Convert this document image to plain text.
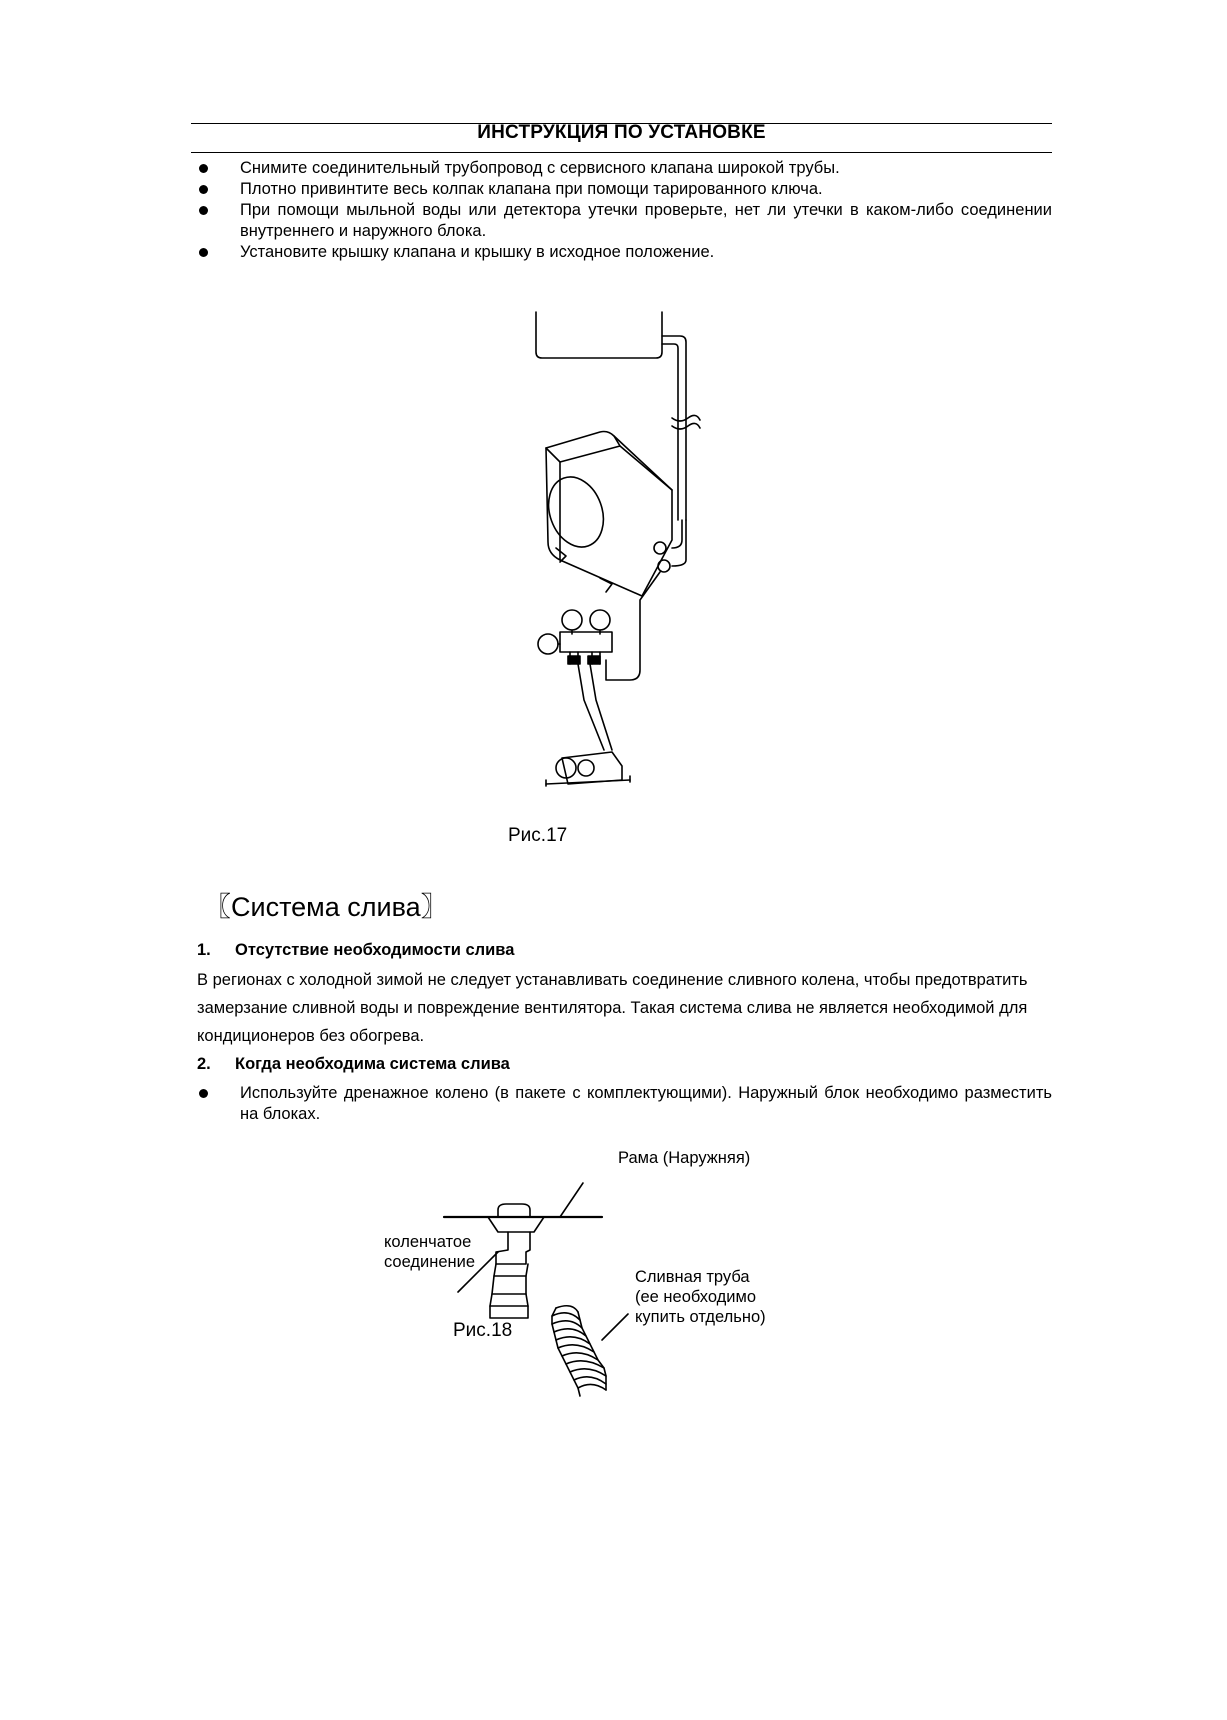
ИНСТРУКЦИЯ ПО УСТАНОВКЕ
Снимите соединительный трубопровод с сервисного клапана широкой трубы.
Плотно привинтите весь колпак клапана при помощи тарированного ключа.
При помощи мыльной воды или детектора утечки проверьте, нет ли утечки в каком-либо соединении внутреннего и наружного блока.
Установите крышку клапана и крышку в исходное положение.
Рис.17
〖Система слива〗
1. Отсутствие необходимости слива
В регионах с холодной зимой не следует устанавливать соединение сливного колена, чтобы предотвратить замерзание сливной воды и повреждение вентилятора. Такая система слива не является необходимой для кондиционеров без обогрева.
2. Когда необходима система слива
Используйте дренажное колено (в пакете с комплектующими). Наружный блок необходимо разместить на блоках.
Рама (Наружняя)
коленчатое
соединение
Сливная труба
(ее необходимо
купить отдельно)
Рис.18
